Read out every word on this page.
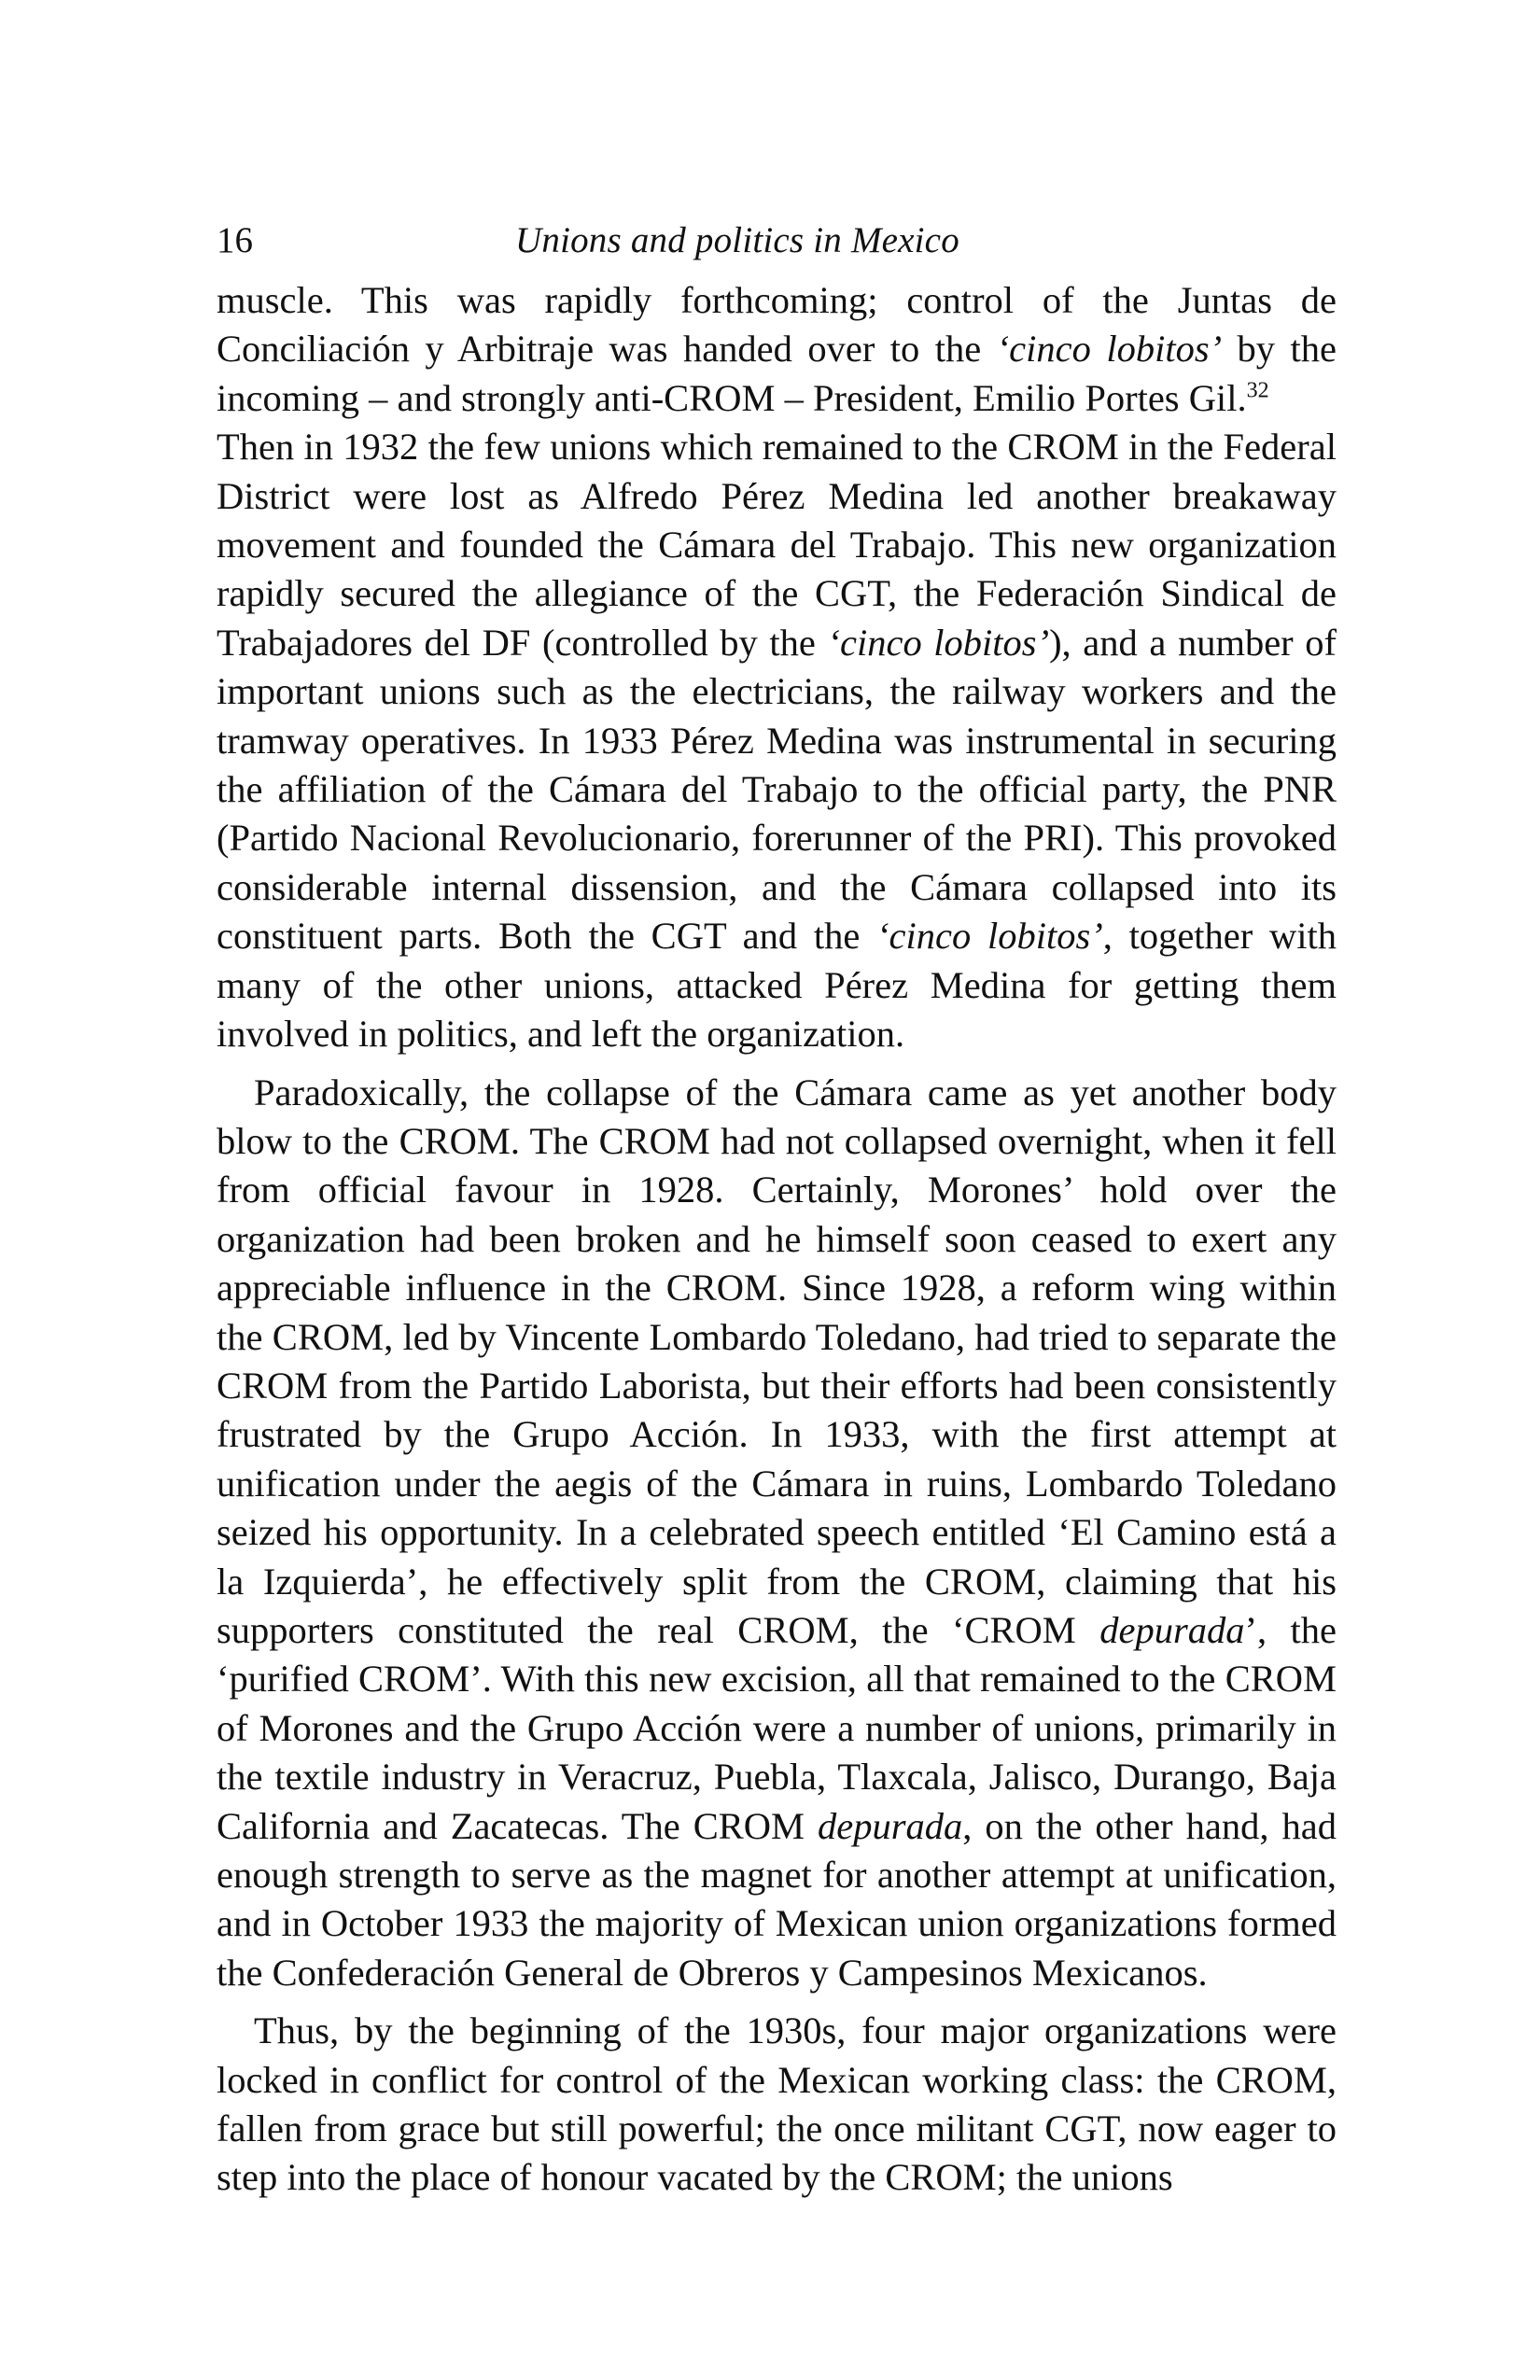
16	Unions and politics in Mexico

muscle. This was rapidly forthcoming; control of the Juntas de Conciliación y Arbitraje was handed over to the ‘cinco lobitos’ by the incoming – and strongly anti-CROM – President, Emilio Portes Gil.$^{32}$

Then in 1932 the few unions which remained to the CROM in the Federal District were lost as Alfredo Pérez Medina led another breakaway movement and founded the Cámara del Trabajo. This new organization rapidly secured the allegiance of the CGT, the Federación Sindical de Trabajadores del DF (controlled by the ‘cinco lobitos’), and a number of important unions such as the electricians, the railway workers and the tramway operatives. In 1933 Pérez Medina was instrumental in securing the affiliation of the Cámara del Trabajo to the official party, the PNR (Partido Nacional Revolucionario, forerunner of the PRI). This provoked considerable internal dissension, and the Cámara collapsed into its constituent parts. Both the CGT and the ‘cinco lobitos’, together with many of the other unions, attacked Pérez Medina for getting them involved in politics, and left the organization.

Paradoxically, the collapse of the Cámara came as yet another body blow to the CROM. The CROM had not collapsed overnight, when it fell from official favour in 1928. Certainly, Morones’ hold over the organization had been broken and he himself soon ceased to exert any appreciable influence in the CROM. Since 1928, a reform wing within the CROM, led by Vincente Lombardo Toledano, had tried to separate the CROM from the Partido Laborista, but their efforts had been consistently frustrated by the Grupo Acción. In 1933, with the first attempt at unification under the aegis of the Cámara in ruins, Lombardo Toledano seized his opportunity. In a celebrated speech entitled ‘El Camino está a la Izquierda’, he effectively split from the CROM, claiming that his supporters constituted the real CROM, the ‘CROM depurada’, the ‘purified CROM’. With this new excision, all that remained to the CROM of Morones and the Grupo Acción were a number of unions, primarily in the textile industry in Veracruz, Puebla, Tlaxcala, Jalisco, Durango, Baja California and Zacatecas. The CROM depurada, on the other hand, had enough strength to serve as the magnet for another attempt at unification, and in October 1933 the majority of Mexican union organizations formed the Confederación General de Obreros y Campesinos Mexicanos.

Thus, by the beginning of the 1930s, four major organizations were locked in conflict for control of the Mexican working class: the CROM, fallen from grace but still powerful; the once militant CGT, now eager to step into the place of honour vacated by the CROM; the unions
